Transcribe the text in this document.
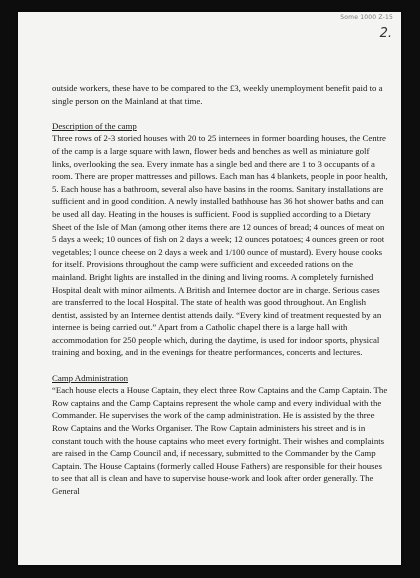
Some 1000 Z-15
2.

outside workers, these have to be compared to the £3, weekly unemployment benefit paid to a single person on the Mainland at that time.

Description of the camp

Three rows of 2-3 storied houses with 20 to 25 internees in former boarding houses, the Centre of the camp is a large square with lawn, flower beds and benches as well as miniature golf links, overlooking the sea. Every inmate has a single bed and there are 1 to 3 occupants of a room. There are proper mattresses and pillows. Each man has 4 blankets, people in poor health, 5. Each house has a bathroom, several also have basins in the rooms. Sanitary installations are sufficient and in good condition. A newly installed bathhouse has 36 hot shower baths and can be used all day. Heating in the houses is sufficient. Food is supplied according to a Dietary Sheet of the Isle of Man (among other items there are 12 ounces of bread; 4 ounces of meat on 5 days a week; 10 ounces of fish on 2 days a week; 12 ounces potatoes; 4 ounces green or root vegetables; l ounce cheese on 2 days a week and 1/100 ounce of mustard). Every house cooks for itself. Provisions throughout the camp were sufficient and exceeded rations on the mainland. Bright lights are installed in the dining and living rooms. A completely furnished Hospital dealt with minor ailments. A British and Internee doctor are in charge. Serious cases are transferred to the local Hospital. The state of health was good throughout. An English dentist, assisted by an Internee dentist attends daily. “Every kind of treatment requested by an internee is being carried out.” Apart from a Catholic chapel there is a large hall with accommodation for 250 people which, during the daytime, is used for indoor sports, physical training and boxing, and in the evenings for theatre performances, concerts and lectures.

Camp Administration

“Each house elects a House Captain, they elect three Row Captains and the Camp Captain. The Row captains and the Camp Captains represent the whole camp and every individual with the Commander. He supervises the work of the camp administration. He is assisted by the three Row Captains and the Works Organiser. The Row Captain administers his street and is in constant touch with the house captains who meet every fortnight. Their wishes and complaints are raised in the Camp Council and, if necessary, submitted to the Commander by the Camp Captain. The House Captains (formerly called House Fathers) are responsible for their houses to see that all is clean and have to supervise house-work and look after order generally. The General
